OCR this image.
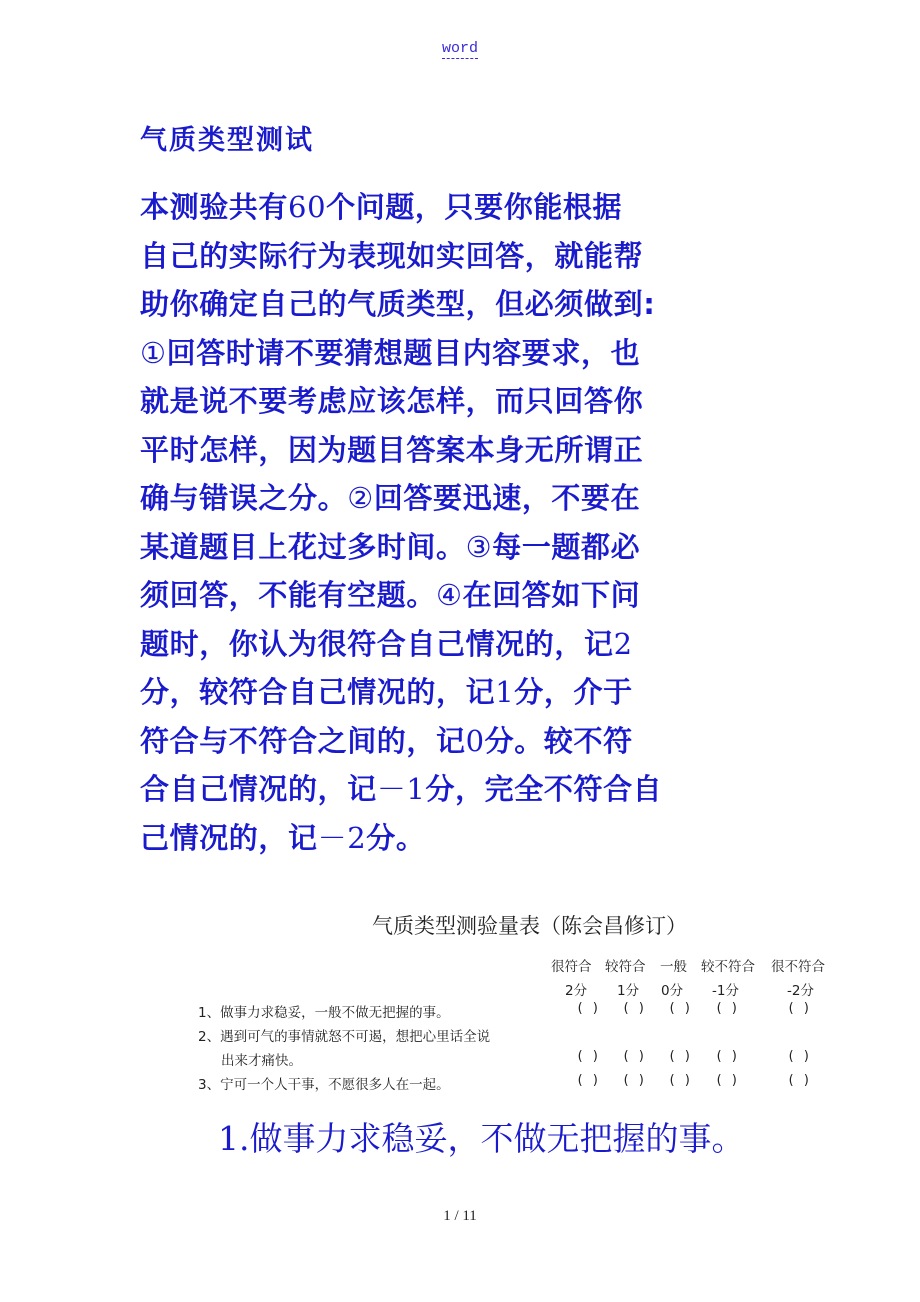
word
气质类型测试
本测验共有60个问题，只要你能根据
自己的实际行为表现如实回答，就能帮
助你确定自己的气质类型，但必须做到:
①回答时请不要猜想题目内容要求，也
就是说不要考虑应该怎样，而只回答你
平时怎样，因为题目答案本身无所谓正
确与错误之分。②回答要迅速，不要在
某道题目上花过多时间。③每一题都必
须回答，不能有空题。④在回答如下问
题时，你认为很符合自己情况的，记2
分，较符合自己情况的，记1分，介于
符合与不符合之间的，记0分。较不符
合自己情况的，记－1分，完全不符合自
己情况的，记－2分。
气质类型测验量表（陈会昌修订）
很符合 较符合 一般 较不符合 很不符合
2分 1分 0分 -1分	-2分
1、做事力求稳妥，一般不做无把握的事。	( ) ( ) ( ) ( )	( )
2、遇到可气的事情就怒不可遏，想把心里话全说
出来才痛快。	( ) ( ) ( ) ( )	( )
3、宁可一个人干事，不愿很多人在一起。	( ) ( ) ( ) ( )	( )
1.做事力求稳妥，不做无把握的事。
1 / 11
